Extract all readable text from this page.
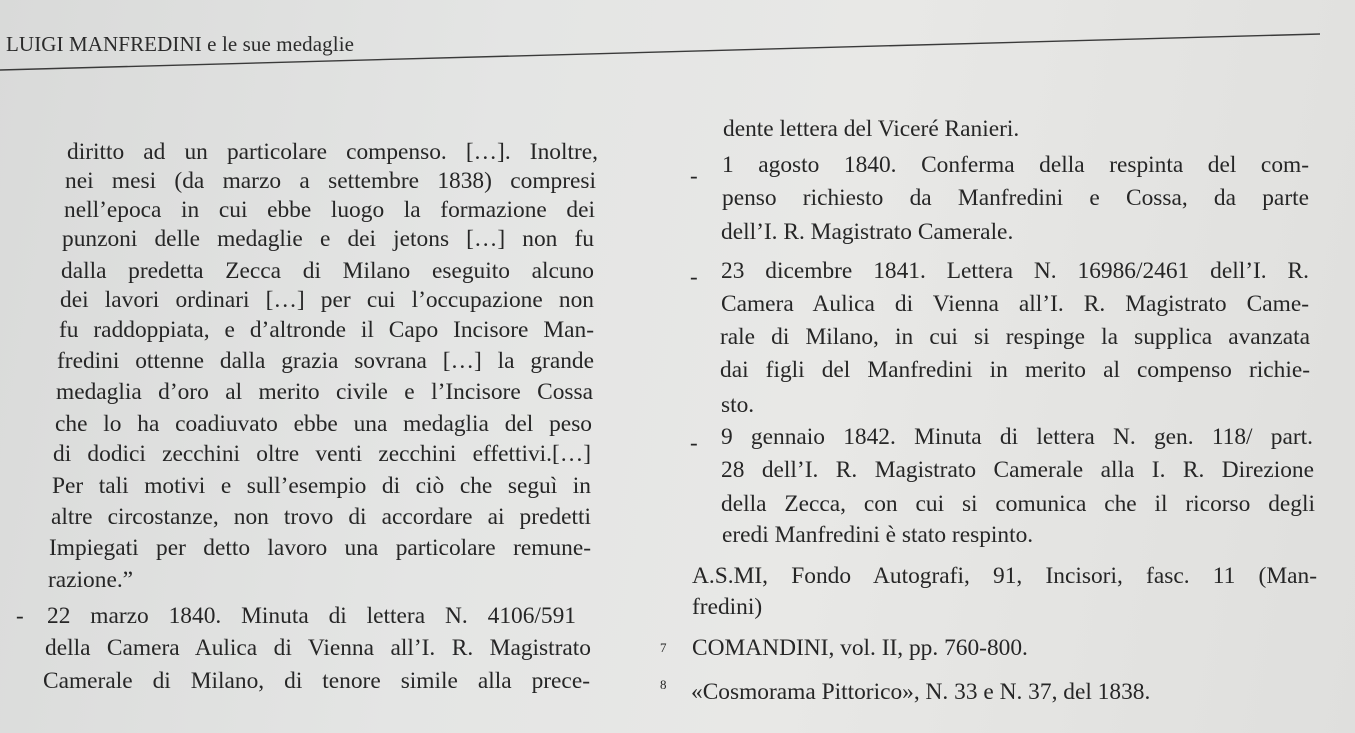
LUIGI MANFREDINI e le sue medaglie
diritto ad un particolare compenso. […]. Inoltre,
nei mesi (da marzo a settembre 1838) compresi
nell’epoca in cui ebbe luogo la formazione dei
punzoni delle medaglie e dei jetons […] non fu
dalla predetta Zecca di Milano eseguito alcuno
dei lavori ordinari […] per cui l’occupazione non
fu raddoppiata, e d’altronde il Capo Incisore Man-
fredini ottenne dalla grazia sovrana […] la grande
medaglia d’oro al merito civile e l’Incisore Cossa
che lo ha coadiuvato ebbe una medaglia del peso
di dodici zecchini oltre venti zecchini effettivi.[…]
Per tali motivi e sull’esempio di ciò che seguì in
altre circostanze, non trovo di accordare ai predetti
Impiegati per detto lavoro una particolare remune-
razione.”
- 22 marzo 1840. Minuta di lettera N. 4106/591
della Camera Aulica di Vienna all’I. R. Magistrato
Camerale di Milano, di tenore simile alla prece-
dente lettera del Viceré Ranieri.
- 1 agosto 1840. Conferma della respinta del com-
penso richiesto da Manfredini e Cossa, da parte
dell’I. R. Magistrato Camerale.
- 23 dicembre 1841. Lettera N. 16986/2461 dell’I. R.
Camera Aulica di Vienna all’I. R. Magistrato Came-
rale di Milano, in cui si respinge la supplica avanzata
dai figli del Manfredini in merito al compenso richie-
sto.
- 9 gennaio 1842. Minuta di lettera N. gen. 118/ part.
28 dell’I. R. Magistrato Camerale alla I. R. Direzione
della Zecca, con cui si comunica che il ricorso degli
eredi Manfredini è stato respinto.
A.S.MI, Fondo Autografi, 91, Incisori, fasc. 11 (Man-
fredini)
7 COMANDINI, vol. II, pp. 760-800.
8 «Cosmorama Pittorico», N. 33 e N. 37, del 1838.
